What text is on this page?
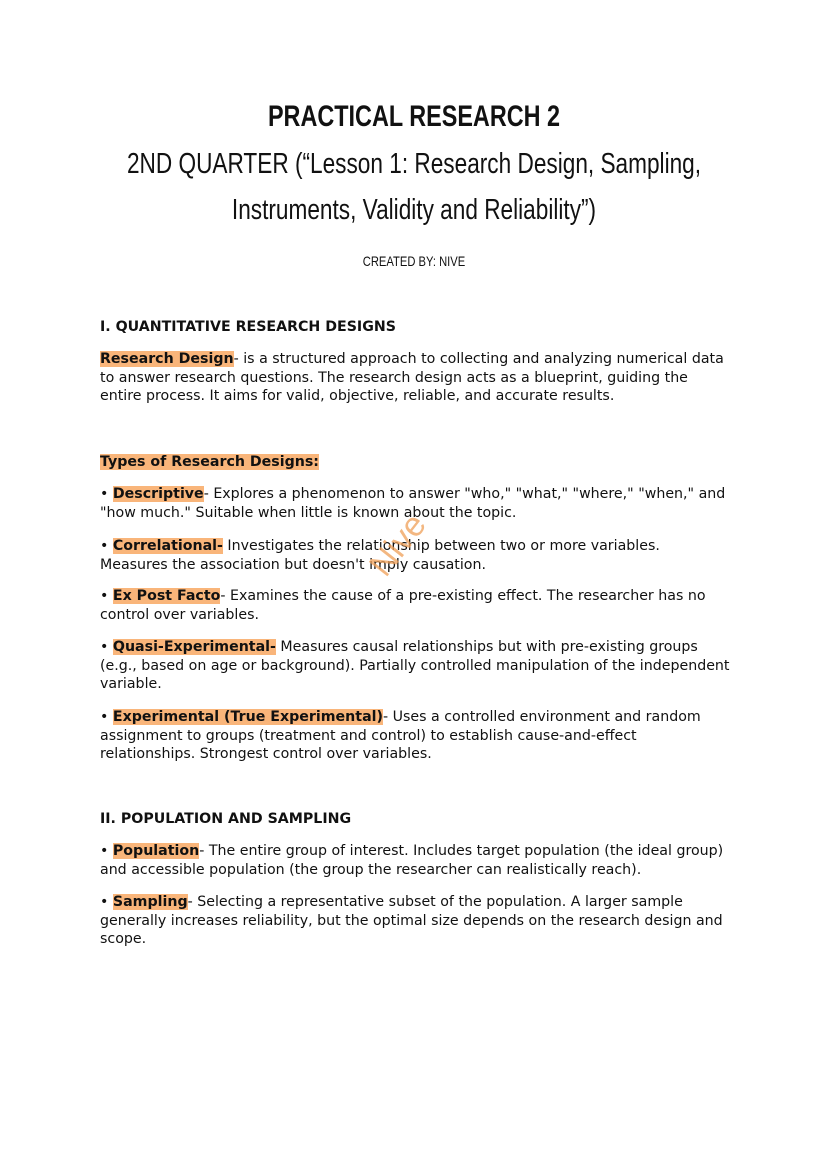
PRACTICAL RESEARCH 2
2ND QUARTER (“Lesson 1: Research Design, Sampling,
Instruments, Validity and Reliability”)
CREATED BY: NIVE
I. QUANTITATIVE RESEARCH DESIGNS

Research Design- is a structured approach to collecting and analyzing numerical data to answer research questions. The research design acts as a blueprint, guiding the entire process. It aims for valid, objective, reliable, and accurate results.

Types of Research Designs:

• Descriptive- Explores a phenomenon to answer "who," "what," "where," "when," and "how much." Suitable when little is known about the topic.

• Correlational- Investigates the relationship between two or more variables. Measures the association but doesn't imply causation.

• Ex Post Facto- Examines the cause of a pre-existing effect. The researcher has no control over variables.

• Quasi-Experimental- Measures causal relationships but with pre-existing groups (e.g., based on age or background). Partially controlled manipulation of the independent variable.

• Experimental (True Experimental)- Uses a controlled environment and random assignment to groups (treatment and control) to establish cause-and-effect relationships. Strongest control over variables.

II. POPULATION AND SAMPLING

• Population- The entire group of interest. Includes target population (the ideal group) and accessible population (the group the researcher can realistically reach).

• Sampling- Selecting a representative subset of the population. A larger sample generally increases reliability, but the optimal size depends on the research design and scope.

Nive
